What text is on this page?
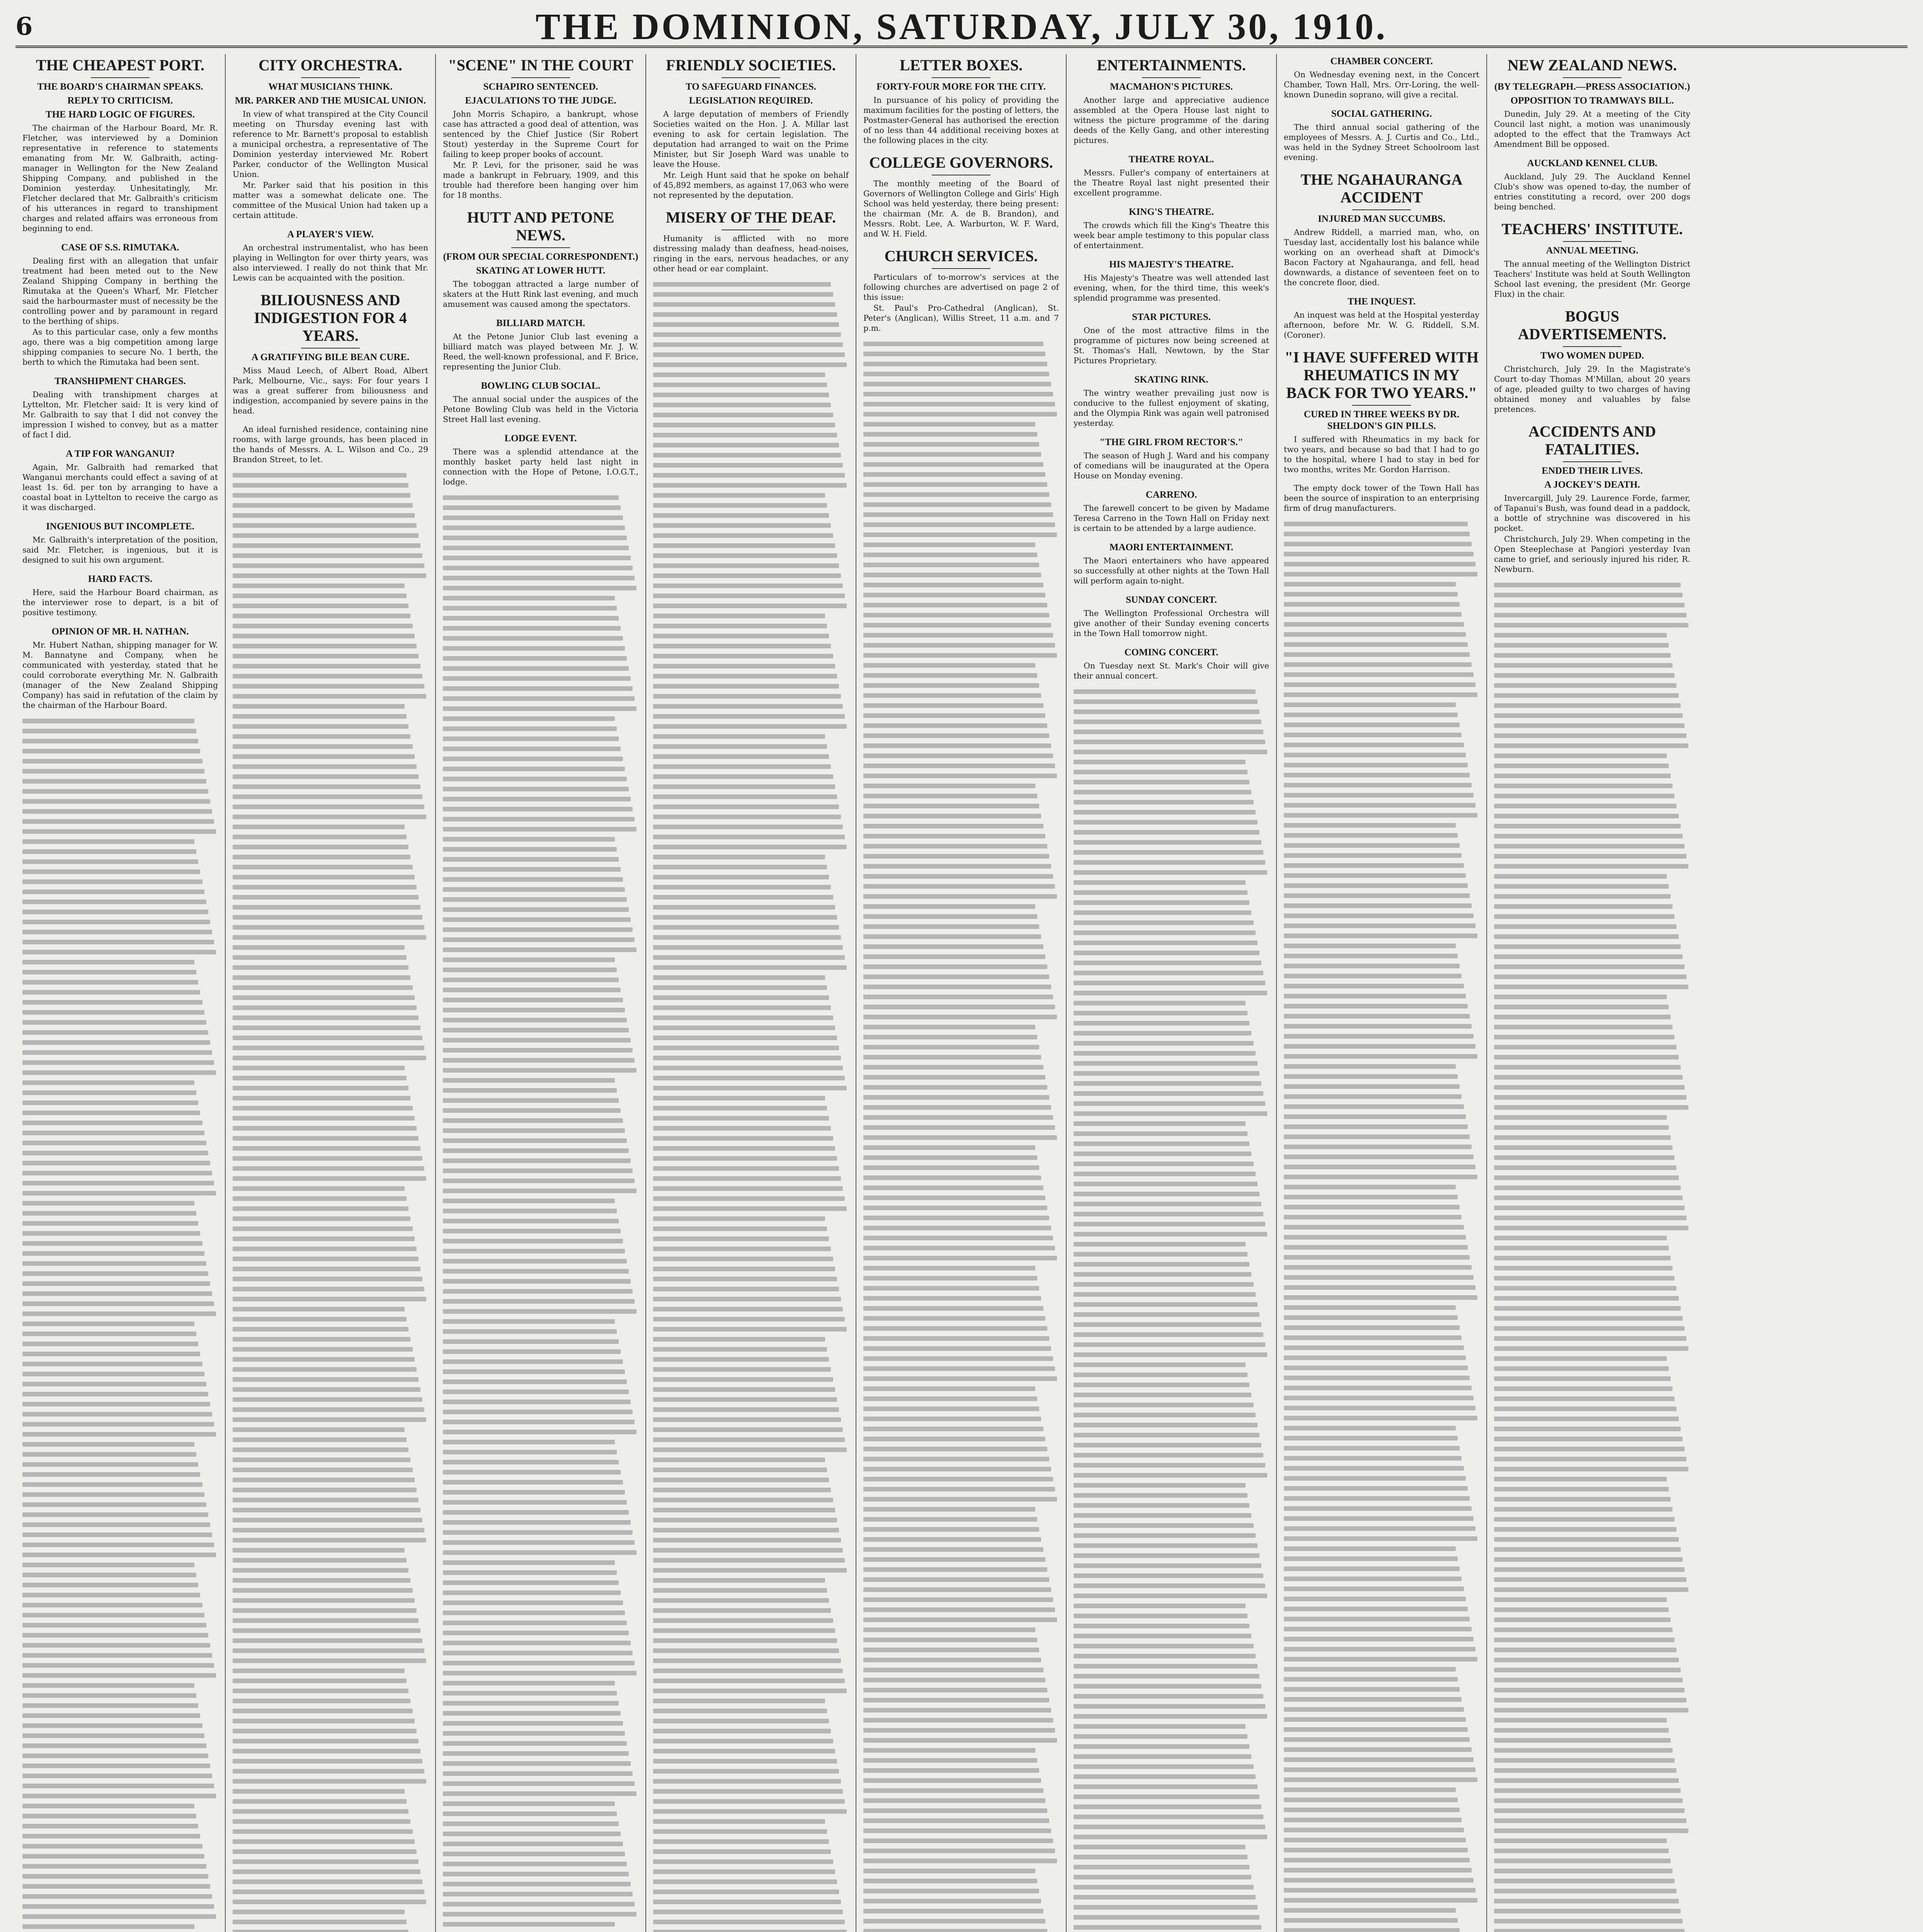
6	THE DOMINION, SATURDAY, JULY 30, 1910.
THE CHEAPEST PORT.
THE BOARD'S CHAIRMAN SPEAKS.
REPLY TO CRITICISM.
THE HARD LOGIC OF FIGURES.

The chairman of the Harbour Board, Mr. R. Fletcher, was interviewed by a Dominion representative in reference to statements emanating from Mr. W. Galbraith, acting-manager in Wellington for the New Zealand Shipping Company, and published in the Dominion yesterday. Unhesitatingly, Mr. Fletcher declared that Mr. Galbraith's criticism of his utterances in regard to transhipment charges and related affairs was erroneous from beginning to end.

CASE OF S.S. RIMUTAKA.

Dealing first with an allegation that unfair treatment had been meted out to the New Zealand Shipping Company in berthing the Rimutaka at the Queen's Wharf, Mr. Fletcher said the harbourmaster must of necessity be the controlling power and by paramount in regard to the berthing of ships.

As to this particular case, only a few months ago, there was a big competition among large shipping companies to secure No. 1 berth, the berth to which the Rimutaka had been sent.

TRANSHIPMENT CHARGES.

Dealing with transhipment charges at Lyttelton, Mr. Fletcher said: It is very kind of Mr. Galbraith to say that I did not convey the impression I wished to convey, but as a matter of fact I did.

A TIP FOR WANGANUI?

Again, Mr. Galbraith had remarked that Wanganui merchants could effect a saving of at least 1s. 6d. per ton by arranging to have a coastal boat in Lyttelton to receive the cargo as it was discharged.

INGENIOUS BUT INCOMPLETE.

Mr. Galbraith's interpretation of the position, said Mr. Fletcher, is ingenious, but it is designed to suit his own argument.

HARD FACTS.

Here, said the Harbour Board chairman, as the interviewer rose to depart, is a bit of positive testimony.

OPINION OF MR. H. NATHAN.

Mr. Hubert Nathan, shipping manager for W. M. Bannatyne and Company, when he communicated with yesterday, stated that he could corroborate everything Mr. N. Galbraith (manager of the New Zealand Shipping Company) has said in refutation of the claim by the chairman of the Harbour Board.

CITY ORCHESTRA.
WHAT MUSICIANS THINK.
MR. PARKER AND THE MUSICAL UNION.

In view of what transpired at the City Council meeting on Thursday evening last with reference to Mr. Barnett's proposal to establish a municipal orchestra, a representative of The Dominion yesterday interviewed Mr. Robert Parker, conductor of the Wellington Musical Union.

Mr. Parker said that his position in this matter was a somewhat delicate one. The committee of the Musical Union had taken up a certain attitude.

A PLAYER'S VIEW.

An orchestral instrumentalist, who has been playing in Wellington for over thirty years, was also interviewed. I really do not think that Mr. Lewis can be acquainted with the position.

BILIOUSNESS AND INDIGESTION FOR 4 YEARS.
A GRATIFYING BILE BEAN CURE.

Miss Maud Leech, of Albert Road, Albert Park, Melbourne, Vic., says: For four years I was a great sufferer from biliousness and indigestion, accompanied by severe pains in the head.

An ideal furnished residence, containing nine rooms, with large grounds, has been placed in the hands of Messrs. A. L. Wilson and Co., 29 Brandon Street, to let.

"SCENE" IN THE COURT
SCHAPIRO SENTENCED.
EJACULATIONS TO THE JUDGE.

John Morris Schapiro, a bankrupt, whose case has attracted a good deal of attention, was sentenced by the Chief Justice (Sir Robert Stout) yesterday in the Supreme Court for failing to keep proper books of account.

Mr. P. Levi, for the prisoner, said he was made a bankrupt in February, 1909, and this trouble had therefore been hanging over him for 18 months.

HUTT AND PETONE NEWS.
(FROM OUR SPECIAL CORRESPONDENT.)
SKATING AT LOWER HUTT.

The toboggan attracted a large number of skaters at the Hutt Rink last evening, and much amusement was caused among the spectators.

BILLIARD MATCH.

At the Petone Junior Club last evening a billiard match was played between Mr. J. W. Reed, the well-known professional, and F. Brice, representing the Junior Club.

BOWLING CLUB SOCIAL.

The annual social under the auspices of the Petone Bowling Club was held in the Victoria Street Hall last evening.

LODGE EVENT.

There was a splendid attendance at the monthly basket party held last night in connection with the Hope of Petone, I.O.G.T., lodge.

FRIENDLY SOCIETIES.
TO SAFEGUARD FINANCES.
LEGISLATION REQUIRED.

A large deputation of members of Friendly Societies waited on the Hon. J. A. Millar last evening to ask for certain legislation. The deputation had arranged to wait on the Prime Minister, but Sir Joseph Ward was unable to leave the House.

Mr. Leigh Hunt said that he spoke on behalf of 45,892 members, as against 17,063 who were not represented by the deputation.

MISERY OF THE DEAF.

Humanity is afflicted with no more distressing malady than deafness, head-noises, ringing in the ears, nervous headaches, or any other head or ear complaint.

LETTER BOXES.
FORTY-FOUR MORE FOR THE CITY.

In pursuance of his policy of providing the maximum facilities for the posting of letters, the Postmaster-General has authorised the erection of no less than 44 additional receiving boxes at the following places in the city.

COLLEGE GOVERNORS.

The monthly meeting of the Board of Governors of Wellington College and Girls' High School was held yesterday, there being present: the chairman (Mr. A. de B. Brandon), and Messrs. Robt. Lee, A. Warburton, W. F. Ward, and W. H. Field.

CHURCH SERVICES.

Particulars of to-morrow's services at the following churches are advertised on page 2 of this issue:

St. Paul's Pro-Cathedral (Anglican), St. Peter's (Anglican), Willis Street, 11 a.m. and 7 p.m.

ENTERTAINMENTS.
MACMAHON'S PICTURES.

Another large and appreciative audience assembled at the Opera House last night to witness the picture programme of the daring deeds of the Kelly Gang, and other interesting pictures.

THEATRE ROYAL.

Messrs. Fuller's company of entertainers at the Theatre Royal last night presented their excellent programme.

KING'S THEATRE.

The crowds which fill the King's Theatre this week bear ample testimony to this popular class of entertainment.

HIS MAJESTY'S THEATRE.

His Majesty's Theatre was well attended last evening, when, for the third time, this week's splendid programme was presented.

STAR PICTURES.

One of the most attractive films in the programme of pictures now being screened at St. Thomas's Hall, Newtown, by the Star Pictures Proprietary.

SKATING RINK.

The wintry weather prevailing just now is conducive to the fullest enjoyment of skating, and the Olympia Rink was again well patronised yesterday.

"THE GIRL FROM RECTOR'S."

The season of Hugh J. Ward and his company of comedians will be inaugurated at the Opera House on Monday evening.

CARRENO.

The farewell concert to be given by Madame Teresa Carreno in the Town Hall on Friday next is certain to be attended by a large audience.

MAORI ENTERTAINMENT.

The Maori entertainers who have appeared so successfully at other nights at the Town Hall will perform again to-night.

SUNDAY CONCERT.

The Wellington Professional Orchestra will give another of their Sunday evening concerts in the Town Hall tomorrow night.

COMING CONCERT.

On Tuesday next St. Mark's Choir will give their annual concert.

CHAMBER CONCERT.

On Wednesday evening next, in the Concert Chamber, Town Hall, Mrs. Orr-Loring, the well-known Dunedin soprano, will give a recital.

SOCIAL GATHERING.

The third annual social gathering of the employees of Messrs. A. J. Curtis and Co., Ltd., was held in the Sydney Street Schoolroom last evening.

THE NGAHAURANGA ACCIDENT
INJURED MAN SUCCUMBS.

Andrew Riddell, a married man, who, on Tuesday last, accidentally lost his balance while working on an overhead shaft at Dimock's Bacon Factory at Ngahauranga, and fell, head downwards, a distance of seventeen feet on to the concrete floor, died.

THE INQUEST.

An inquest was held at the Hospital yesterday afternoon, before Mr. W. G. Riddell, S.M. (Coroner).

"I HAVE SUFFERED WITH RHEUMATICS IN MY BACK FOR TWO YEARS."
CURED IN THREE WEEKS BY DR. SHELDON'S GIN PILLS.

I suffered with Rheumatics in my back for two years, and because so bad that I had to go to the hospital, where I had to stay in bed for two months, writes Mr. Gordon Harrison.

The empty dock tower of the Town Hall has been the source of inspiration to an enterprising firm of drug manufacturers.

NEW ZEALAND NEWS.
(BY TELEGRAPH.—PRESS ASSOCIATION.)
OPPOSITION TO TRAMWAYS BILL.

Dunedin, July 29. At a meeting of the City Council last night, a motion was unanimously adopted to the effect that the Tramways Act Amendment Bill be opposed.

AUCKLAND KENNEL CLUB.

Auckland, July 29. The Auckland Kennel Club's show was opened to-day, the number of entries constituting a record, over 200 dogs being benched.

TEACHERS' INSTITUTE.
ANNUAL MEETING.

The annual meeting of the Wellington District Teachers' Institute was held at South Wellington School last evening, the president (Mr. George Flux) in the chair.

BOGUS ADVERTISEMENTS.
TWO WOMEN DUPED.

Christchurch, July 29. In the Magistrate's Court to-day Thomas M'Millan, about 20 years of age, pleaded guilty to two charges of having obtained money and valuables by false pretences.

ACCIDENTS AND FATALITIES.
ENDED THEIR LIVES.
A JOCKEY'S DEATH.

Invercargill, July 29. Laurence Forde, farmer, of Tapanui's Bush, was found dead in a paddock, a bottle of strychnine was discovered in his pocket.

Christchurch, July 29. When competing in the Open Steeplechase at Pangiori yesterday Ivan came to grief, and seriously injured his rider, R. Newburn.
